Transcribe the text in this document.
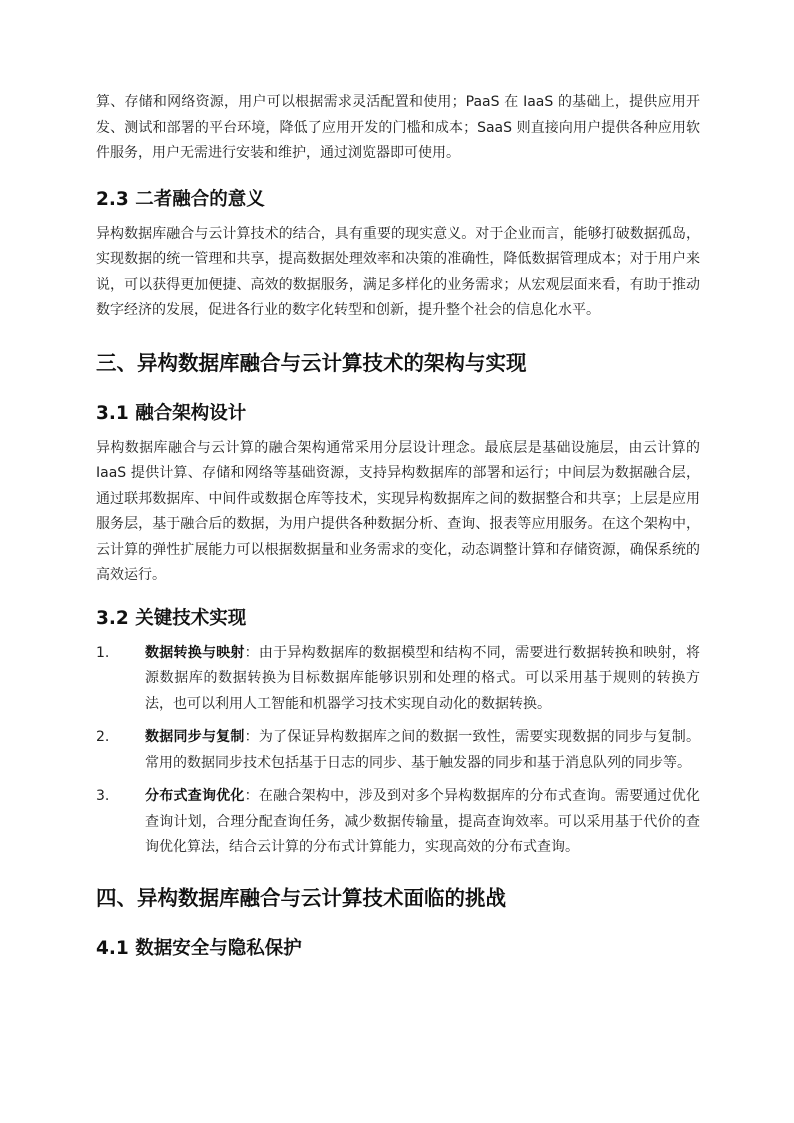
算、存储和网络资源，用户可以根据需求灵活配置和使用；PaaS 在 IaaS 的基础上，提供应用开发、测试和部署的平台环境，降低了应用开发的门槛和成本；SaaS 则直接向用户提供各种应用软件服务，用户无需进行安装和维护，通过浏览器即可使用。

2.3 二者融合的意义

异构数据库融合与云计算技术的结合，具有重要的现实意义。对于企业而言，能够打破数据孤岛，实现数据的统一管理和共享，提高数据处理效率和决策的准确性，降低数据管理成本；对于用户来说，可以获得更加便捷、高效的数据服务，满足多样化的业务需求；从宏观层面来看，有助于推动数字经济的发展，促进各行业的数字化转型和创新，提升整个社会的信息化水平。

三、异构数据库融合与云计算技术的架构与实现
3.1 融合架构设计

异构数据库融合与云计算的融合架构通常采用分层设计理念。最底层是基础设施层，由云计算的 IaaS 提供计算、存储和网络等基础资源，支持异构数据库的部署和运行；中间层为数据融合层，通过联邦数据库、中间件或数据仓库等技术，实现异构数据库之间的数据整合和共享；上层是应用服务层，基于融合后的数据，为用户提供各种数据分析、查询、报表等应用服务。在这个架构中，云计算的弹性扩展能力可以根据数据量和业务需求的变化，动态调整计算和存储资源，确保系统的高效运行。

3.2 关键技术实现
1.	数据转换与映射：由于异构数据库的数据模型和结构不同，需要进行数据转换和映射，将源数据库的数据转换为目标数据库能够识别和处理的格式。可以采用基于规则的转换方法，也可以利用人工智能和机器学习技术实现自动化的数据转换。
2.	数据同步与复制：为了保证异构数据库之间的数据一致性，需要实现数据的同步与复制。常用的数据同步技术包括基于日志的同步、基于触发器的同步和基于消息队列的同步等。
3.	分布式查询优化：在融合架构中，涉及到对多个异构数据库的分布式查询。需要通过优化查询计划，合理分配查询任务，减少数据传输量，提高查询效率。可以采用基于代价的查询优化算法，结合云计算的分布式计算能力，实现高效的分布式查询。
四、异构数据库融合与云计算技术面临的挑战
4.1 数据安全与隐私保护
